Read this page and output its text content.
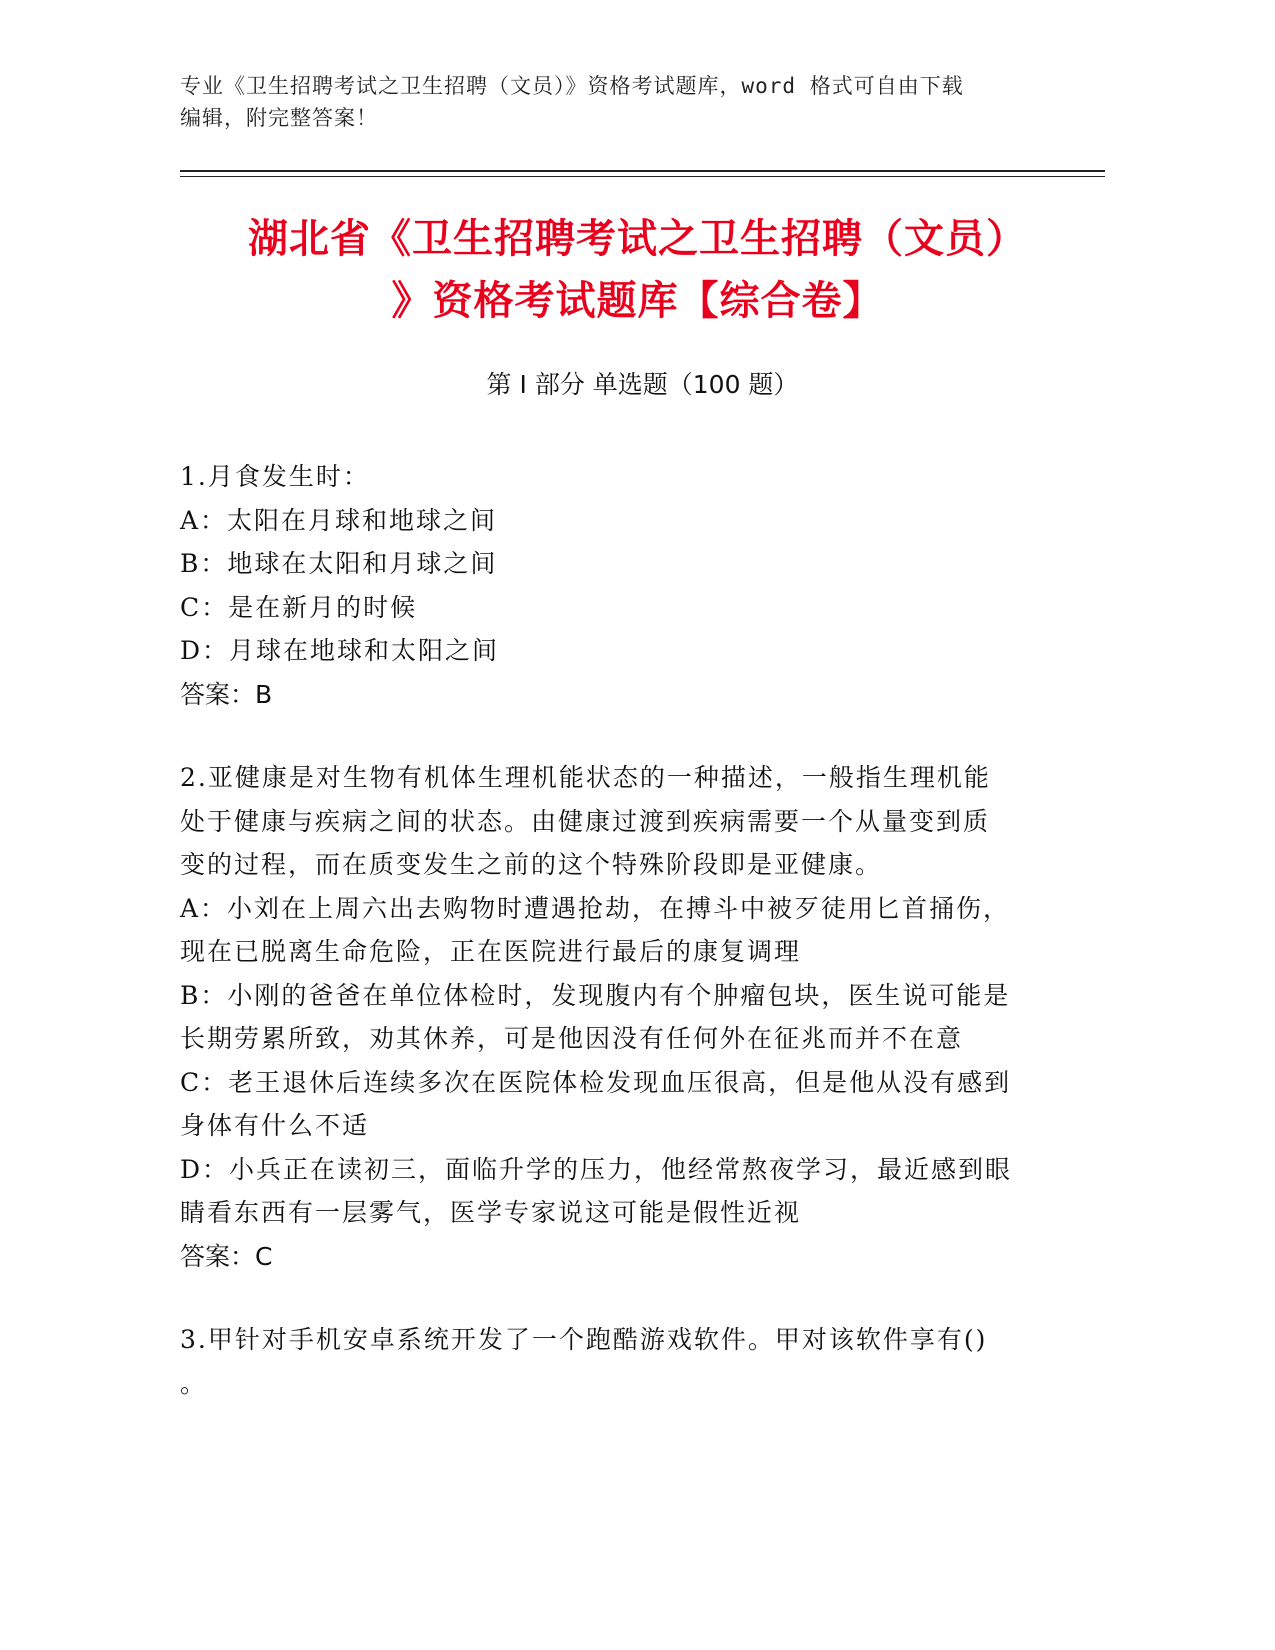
专业《卫生招聘考试之卫生招聘（文员）》资格考试题库，word 格式可自由下载
编辑，附完整答案！
湖北省《卫生招聘考试之卫生招聘（文员）
》资格考试题库【综合卷】
第 I 部分 单选题（100 题）
1.月食发生时：
A：太阳在月球和地球之间
B：地球在太阳和月球之间
C：是在新月的时候
D：月球在地球和太阳之间
答案：B
2.亚健康是对生物有机体生理机能状态的一种描述，一般指生理机能
处于健康与疾病之间的状态。由健康过渡到疾病需要一个从量变到质
变的过程，而在质变发生之前的这个特殊阶段即是亚健康。
A：小刘在上周六出去购物时遭遇抢劫，在搏斗中被歹徒用匕首捅伤，
现在已脱离生命危险，正在医院进行最后的康复调理
B：小刚的爸爸在单位体检时，发现腹内有个肿瘤包块，医生说可能是
长期劳累所致，劝其休养，可是他因没有任何外在征兆而并不在意
C：老王退休后连续多次在医院体检发现血压很高，但是他从没有感到
身体有什么不适
D：小兵正在读初三，面临升学的压力，他经常熬夜学习，最近感到眼
睛看东西有一层雾气，医学专家说这可能是假性近视
答案：C
3.甲针对手机安卓系统开发了一个跑酷游戏软件。甲对该软件享有()
。
